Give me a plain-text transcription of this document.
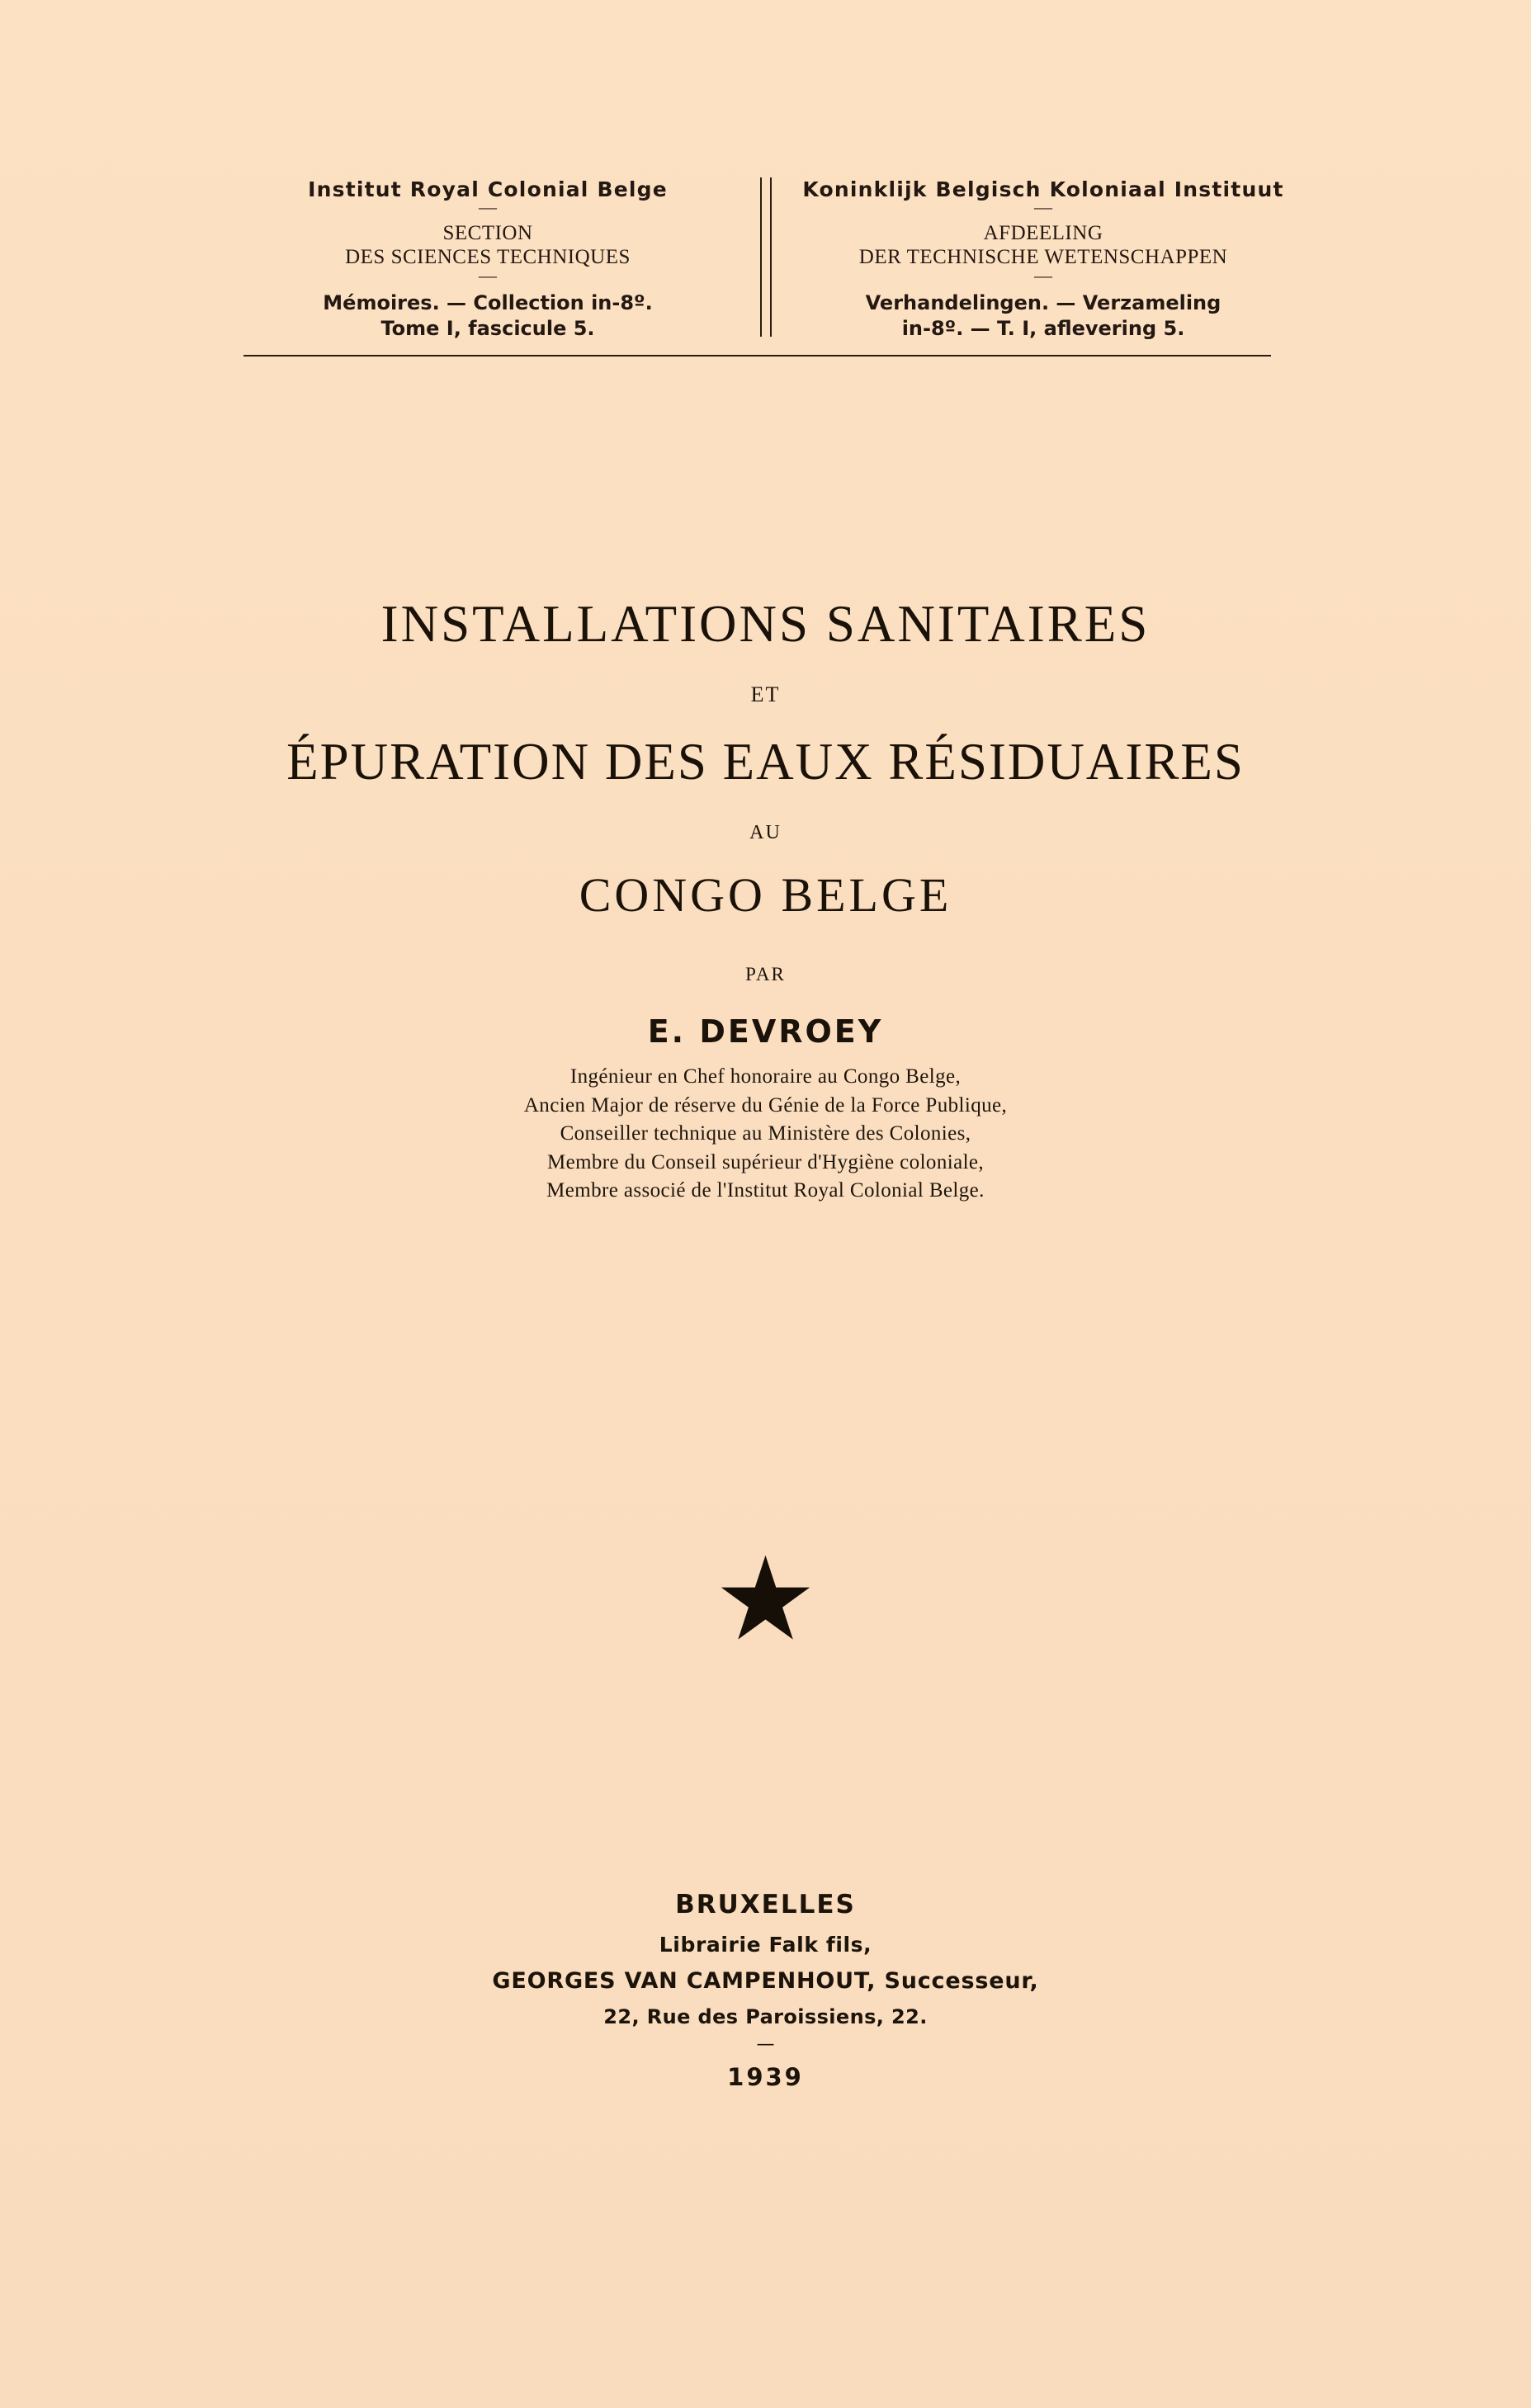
Institut Royal Colonial Belge
—
SECTION
DES SCIENCES TECHNIQUES
—
Mémoires. — Collection in-8º.
Tome I, fascicule 5.
Koninklijk Belgisch Koloniaal Instituut
—
AFDEELING
DER TECHNISCHE WETENSCHAPPEN
—
Verhandelingen. — Verzameling
in-8º. — T. I, aflevering 5.
INSTALLATIONS SANITAIRES
ET
ÉPURATION DES EAUX RÉSIDUAIRES
AU
CONGO BELGE
PAR
E. DEVROEY
Ingénieur en Chef honoraire au Congo Belge,
Ancien Major de réserve du Génie de la Force Publique,
Conseiller technique au Ministère des Colonies,
Membre du Conseil supérieur d'Hygiène coloniale,
Membre associé de l'Institut Royal Colonial Belge.
★
BRUXELLES
Librairie Falk fils,
GEORGES VAN CAMPENHOUT, Successeur,
22, Rue des Paroissiens, 22.
—
1939
